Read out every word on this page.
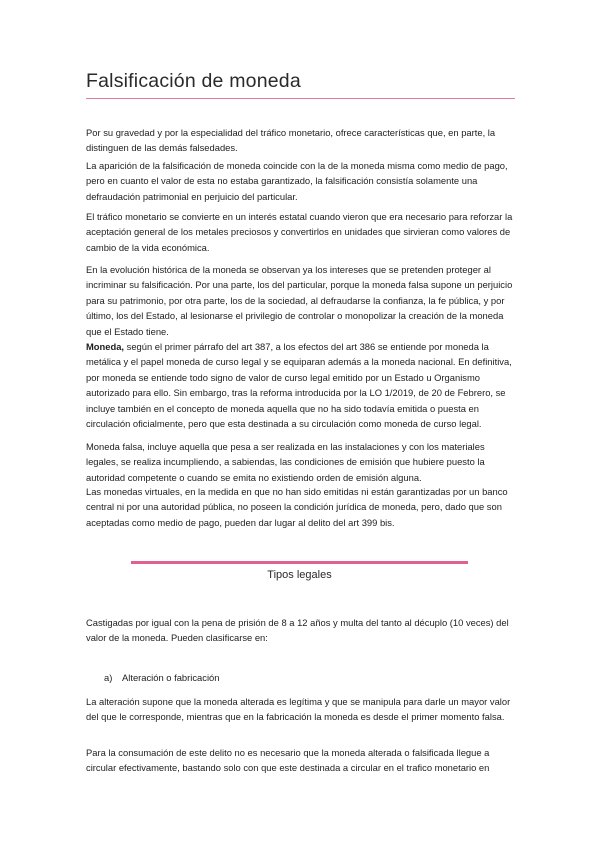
Falsificación de moneda

Por su gravedad y por la especialidad del tráfico monetario, ofrece características que, en parte, la distinguen de las demás falsedades.

La aparición de la falsificación de moneda coincide con la de la moneda misma como medio de pago, pero en cuanto el valor de esta no estaba garantizado, la falsificación consistía solamente una defraudación patrimonial en perjuicio del particular.

El tráfico monetario se convierte en un interés estatal cuando vieron que era necesario para reforzar la aceptación general de los metales preciosos y convertirlos en unidades que sirvieran como valores de cambio de la vida económica.

En la evolución histórica de la moneda se observan ya los intereses que se pretenden proteger al incriminar su falsificación. Por una parte, los del particular, porque la moneda falsa supone un perjuicio para su patrimonio, por otra parte, los de la sociedad, al defraudarse la confianza, la fe pública, y por último, los del Estado, al lesionarse el privilegio de controlar o monopolizar la creación de la moneda que el Estado tiene.

Moneda, según el primer párrafo del art 387, a los efectos del art 386 se entiende por moneda la metálica y el papel moneda de curso legal y se equiparan además a la moneda nacional. En definitiva, por moneda se entiende todo signo de valor de curso legal emitido por un Estado u Organismo autorizado para ello. Sin embargo, tras la reforma introducida por la LO 1/2019, de 20 de Febrero, se incluye también en el concepto de moneda aquella que no ha sido todavía emitida o puesta en circulación oficialmente, pero que esta destinada a su circulación como moneda de curso legal.

Moneda falsa, incluye aquella que pesa a ser realizada en las instalaciones y con los materiales legales, se realiza incumpliendo, a sabiendas, las condiciones de emisión que hubiere puesto la autoridad competente o cuando se emita no existiendo orden de emisión alguna.

Las monedas virtuales, en la medida en que no han sido emitidas ni están garantizadas por un banco central ni por una autoridad pública, no poseen la condición jurídica de moneda, pero, dado que son aceptadas como medio de pago, pueden dar lugar al delito del art 399 bis.

Tipos legales

Castigadas por igual con la pena de prisión de 8 a 12 años y multa del tanto al décuplo (10 veces) del valor de la moneda. Pueden clasificarse en:

a) Alteración o fabricación

La alteración supone que la moneda alterada es legítima y que se manipula para darle un mayor valor del que le corresponde, mientras que en la fabricación la moneda es desde el primer momento falsa.

Para la consumación de este delito no es necesario que la moneda alterada o falsificada llegue a circular efectivamente, bastando solo con que este destinada a circular en el trafico monetario en
